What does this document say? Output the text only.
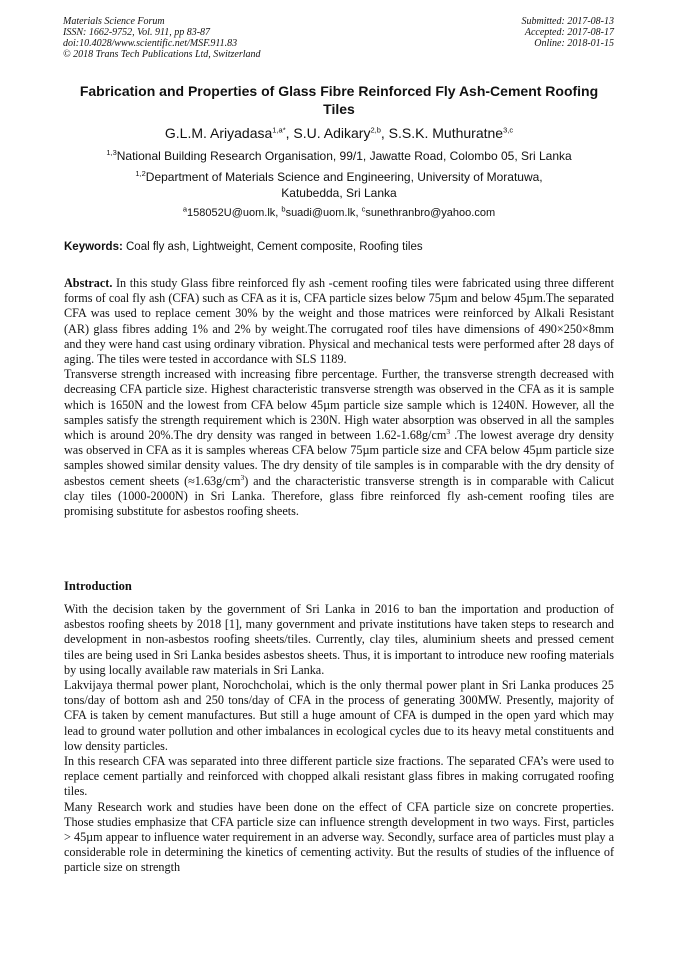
Materials Science Forum
ISSN: 1662-9752, Vol. 911, pp 83-87
doi:10.4028/www.scientific.net/MSF.911.83
© 2018 Trans Tech Publications Ltd, Switzerland
Submitted: 2017-08-13
Accepted: 2017-08-17
Online: 2018-01-15
Fabrication and Properties of Glass Fibre Reinforced Fly Ash-Cement Roofing Tiles
G.L.M. Ariyadasa$^{1,a*}$, S.U. Adikary$^{2,b}$, S.S.K. Muthuratne$^{3,c}$
$^{1,3}$National Building Research Organisation, 99/1, Jawatte Road, Colombo 05, Sri Lanka
$^{1,2}$Department of Materials Science and Engineering, University of Moratuwa, Katubedda, Sri Lanka
$^a$158052U@uom.lk, $^b$suadi@uom.lk, $^c$sunethranbro@yahoo.com
Keywords: Coal fly ash, Lightweight, Cement composite, Roofing tiles

Abstract. In this study Glass fibre reinforced fly ash -cement roofing tiles were fabricated using three different forms of coal fly ash (CFA) such as CFA as it is, CFA particle sizes below 75µm and below 45µm.The separated CFA was used to replace cement 30% by the weight and those matrices were reinforced by Alkali Resistant (AR) glass fibres adding 1% and 2% by weight.The corrugated roof tiles have dimensions of 490×250×8mm and they were hand cast using ordinary vibration. Physical and mechanical tests were performed after 28 days of aging. The tiles were tested in accordance with SLS 1189.

Transverse strength increased with increasing fibre percentage. Further, the transverse strength decreased with decreasing CFA particle size. Highest characteristic transverse strength was observed in the CFA as it is sample which is 1650N and the lowest from CFA below 45µm particle size sample which is 1240N. However, all the samples satisfy the strength requirement which is 230N. High water absorption was observed in all the samples which is around 20%.The dry density was ranged in between $1.62-1.68g/cm^3$ .The lowest average dry density was observed in CFA as it is samples whereas CFA below 75µm particle size and CFA below 45µm particle size samples showed similar density values. The dry density of tile samples is in comparable with the dry density of asbestos cement sheets $(\approx 1.63g/cm^3)$ and the characteristic transverse strength is in comparable with Calicut clay tiles (1000-2000N) in Sri Lanka. Therefore, glass fibre reinforced fly ash-cement roofing tiles are promising substitute for asbestos roofing sheets.

Introduction

With the decision taken by the government of Sri Lanka in 2016 to ban the importation and production of asbestos roofing sheets by 2018 [1], many government and private institutions have taken steps to research and development in non-asbestos roofing sheets/tiles. Currently, clay tiles, aluminium sheets and pressed cement tiles are being used in Sri Lanka besides asbestos sheets. Thus, it is important to introduce new roofing materials by using locally available raw materials in Sri Lanka.

Lakvijaya thermal power plant, Norochcholai, which is the only thermal power plant in Sri Lanka produces 25 tons/day of bottom ash and 250 tons/day of CFA in the process of generating 300MW. Presently, majority of CFA is taken by cement manufactures. But still a huge amount of CFA is dumped in the open yard which may lead to ground water pollution and other imbalances in ecological cycles due to its heavy metal constituents and low density particles.

In this research CFA was separated into three different particle size fractions. The separated CFA’s were used to replace cement partially and reinforced with chopped alkali resistant glass fibres in making corrugated roofing tiles.

Many Research work and studies have been done on the effect of CFA particle size on concrete properties. Those studies emphasize that CFA particle size can influence strength development in two ways. First, particles > 45µm appear to influence water requirement in an adverse way. Secondly, surface area of particles must play a considerable role in determining the kinetics of cementing activity. But the results of studies of the influence of particle size on strength
